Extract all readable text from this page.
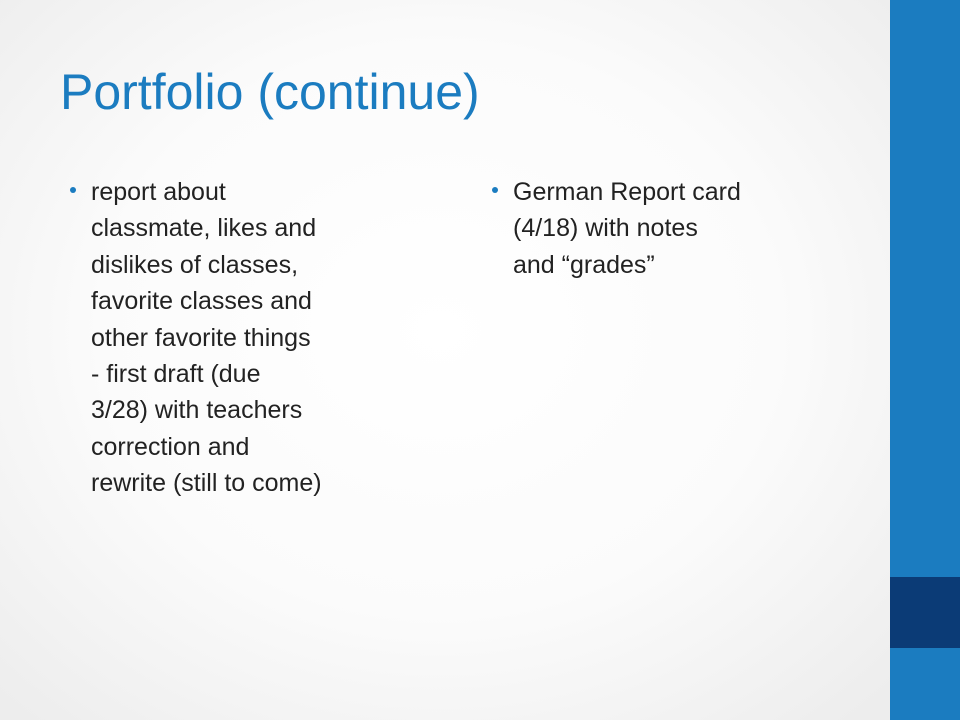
Portfolio (continue)
report about
classmate, likes and
dislikes of classes,
favorite classes and
other favorite things
- first draft (due
3/28) with teachers
correction and
rewrite (still to come)
German Report card
(4/18) with notes
and “grades”
